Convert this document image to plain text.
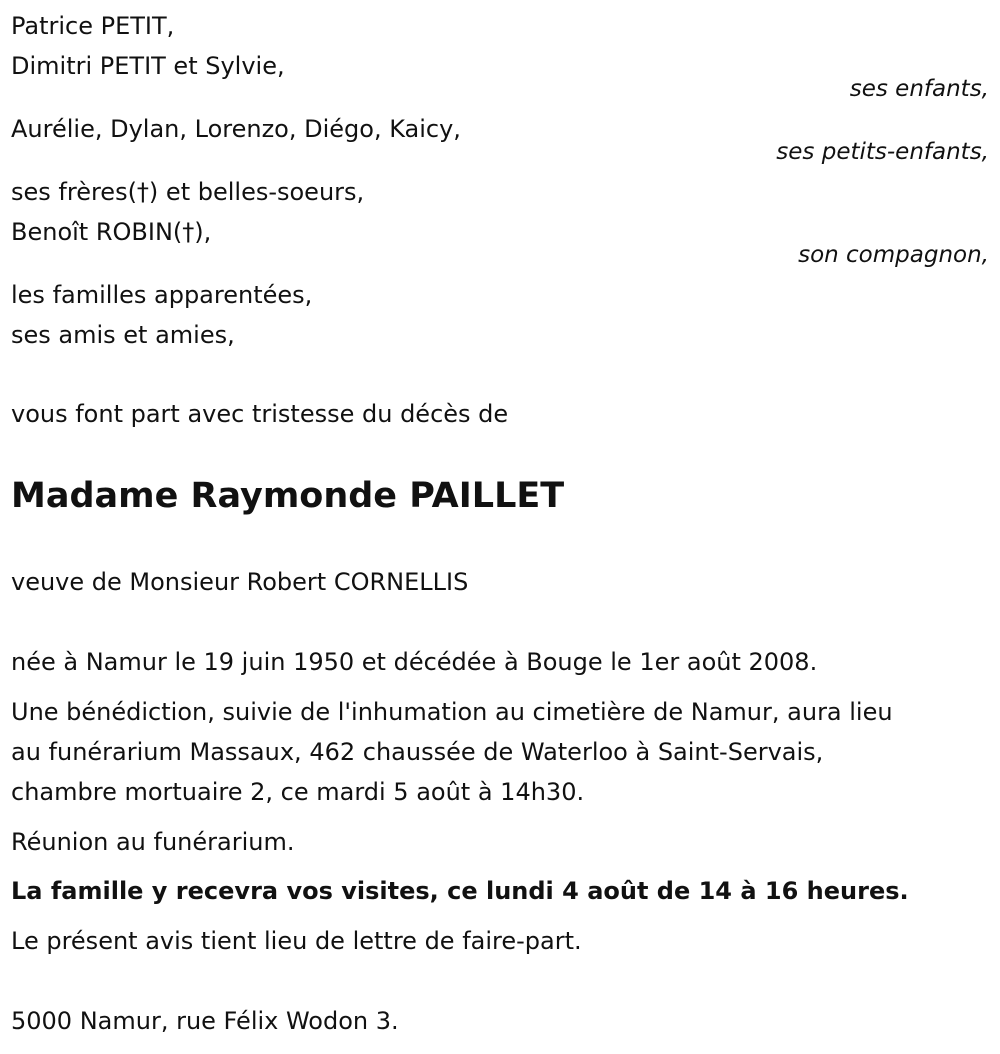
Patrice PETIT,
Dimitri PETIT et Sylvie,
ses enfants,
Aurélie, Dylan, Lorenzo, Diégo, Kaicy,
ses petits-enfants,
ses frères(†) et belles-soeurs,
Benoît ROBIN(†),
son compagnon,
les familles apparentées,
ses amis et amies,
vous font part avec tristesse du décès de
Madame Raymonde PAILLET
veuve de Monsieur Robert CORNELLIS
née à Namur le 19 juin 1950 et décédée à Bouge le 1er août 2008.
Une bénédiction, suivie de l'inhumation au cimetière de Namur, aura lieu
au funérarium Massaux, 462 chaussée de Waterloo à Saint-Servais,
chambre mortuaire 2, ce mardi 5 août à 14h30.
Réunion au funérarium.
La famille y recevra vos visites, ce lundi 4 août de 14 à 16 heures.
Le présent avis tient lieu de lettre de faire-part.
5000 Namur, rue Félix Wodon 3.
